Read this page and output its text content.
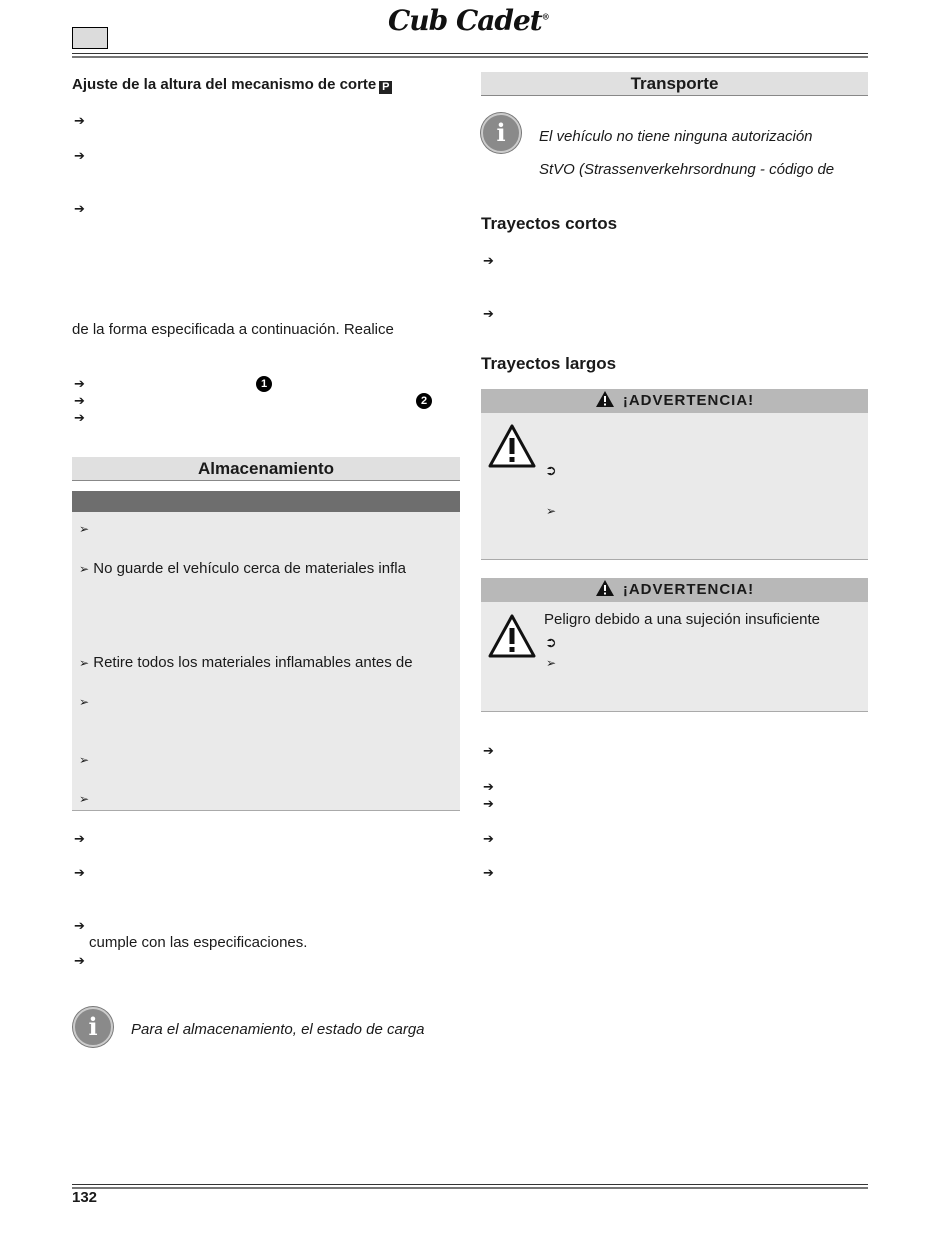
Cub Cadet®
Ajuste de la altura del mecanismo de corte P
➔
➔
➔
de la forma especificada a continuación. Realice
➔	1
➔	2
➔
Almacenamiento
➢
➢ No guarde el vehículo cerca de materiales infla
➢ Retire todos los materiales inflamables antes de
➢
➢
➢
➔
➔
➔
cumple con las especificaciones.
➔
i	Para el almacenamiento, el estado de carga
Transporte
i	El vehículo no tiene ninguna autorización
StVO (Strassenverkehrsordnung - código de
Trayectos cortos
➔
➔
Trayectos largos
¡ADVERTENCIA!
➲
➢
¡ADVERTENCIA!
Peligro debido a una sujeción insuficiente
➲
➢
➔
➔
➔
➔
➔
132
